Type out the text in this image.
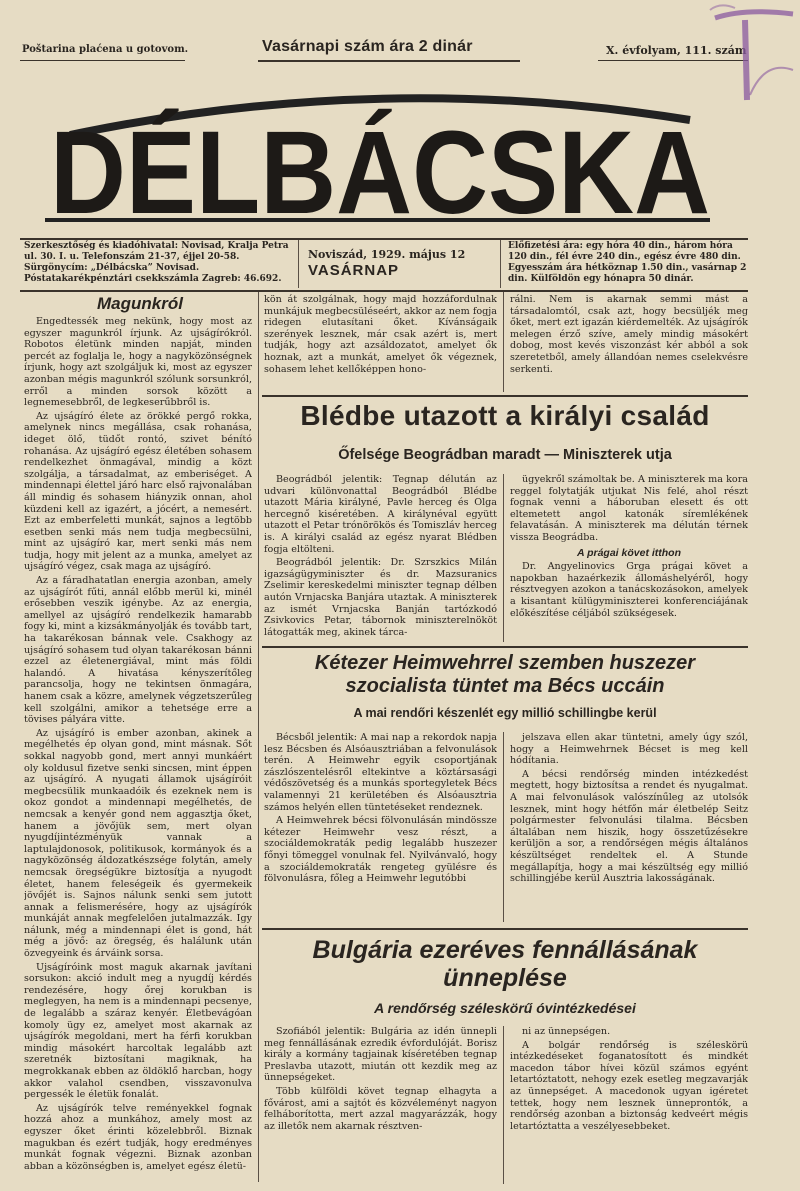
Poštarina plaćena u gotovom.	Vasárnapi szám ára 2 dinár	X. évfolyam, 111. szám
DÉLBÁCSKA
Szerkesztőség és kiadóhivatal: Novisad, Kralja Petra ul. 30. I. u. Telefonszám 21-37, éjjel 20-58. Sürgönycím: „Délbácska” Novisad. Póstatakarékpénztári csekkszámla Zagreb: 46.692.
Noviszád, 1929. május 12
VASÁRNAP
Előfizetési ára: egy hóra 40 din., három hóra 120 din., fél évre 240 din., egész évre 480 din. Egyesszám ára hétköznap 1.50 din., vasárnap 2 din. Külföldön egy hónapra 50 dinár.
Magunkról

Engedtessék meg nekünk, hogy most az egyszer magunkról írjunk. Az ujságírókról. Robotos életünk minden napját, minden percét az foglalja le, hogy a nagyközönségnek írjunk, hogy azt szolgáljuk ki, most az egyszer azonban mégis magunkról szólunk sorsunkról, erről a minden sorsok között a legnemesebbről, de legkeserűbbről is.

Az ujságíró élete az örökké pergő rokka, amelynek nincs megállása, csak rohanása, ideget ölő, tüdőt rontó, szivet bénító rohanása. Az ujságíró egész életében sohasem rendelkezhet önmagával, mindig a közt szolgálja, a társadalmat, az emberiséget. A mindennapi élettel járó harc első rajvonalában áll mindig és sohasem hiányzik onnan, ahol küzdeni kell az igazért, a jócért, a nemesért. Ezt az emberfeletti munkát, sajnos a legtöbb esetben senki más nem tudja megbecsülni, mint az ujságíró kar, mert senki más nem tudja, hogy mit jelent az a munka, amelyet az ujságíró végez, csak maga az ujságíró.

Az a fáradhatatlan energia azonban, amely az ujságírót fűti, annál előbb merül ki, minél erősebben veszik igénybe. Az az energia, amellyel az ujságíró rendelkezik hamarabb fogy ki, mint a kizsákmányolják és tovább tart, ha takarékosan bánnak vele. Csakhogy az ujságíró sohasem tud olyan takarékosan bánni ezzel az életenergiával, mint más földi halandó. A hivatása kényszerítőleg parancsolja, hogy ne tekintsen önmagára, hanem csak a közre, amelynek végzetszerűleg kell szolgálni, amikor a tehetsége erre a tövises pályára vitte.

Az ujságíró is ember azonban, akinek a megélhetés ép olyan gond, mint másnak. Sőt sokkal nagyobb gond, mert annyi munkáért oly koldusul fizetve senki sincsen, mint éppen az ujságíró. A nyugati államok ujságíróit megbecsülik munkaadóik és ezeknek nem is okoz gondot a mindennapi megélhetés, de nemcsak a kenyér gond nem aggasztja őket, hanem a jövőjük sem, mert olyan nyugdíjintézményük vannak a laptulajdonosok, politikusok, kormányok és a nagyközönség áldozatkészsége folytán, amely nemcsak öregségükre biztosítja a nyugodt életet, hanem feleségeik és gyermekeik jövőjét is. Sajnos nálunk senki sem jutott annak a felismerésére, hogy az ujságírók munkáját annak megfelelően jutalmazzák. Igy nálunk, még a mindennapi élet is gond, hát még a jövő: az öregség, és halálunk után özvegyeink és árváink sorsa.

Ujságíróink most maguk akarnak javítani sorsukon: akció indult meg a nyugdíj kérdés rendezésére, hogy őrej korukban is meglegyen, ha nem is a mindennapi pecsenye, de legalább a száraz kenyér. Életbevágóan komoly ügy ez, amelyet most akarnak az ujságírók megoldani, mert ha férfi korukban mindig másokért harcoltak legalább azt szeretnék biztosítani magiknak, ha megrokkanak ebben az öldöklő harcban, hogy akkor valahol csendben, visszavonulva pergessék le életük fonalát.

Az ujságírók telve reményekkel fognak hozzá ahoz a munkához, amely most az egyszer őket érinti közelebbről. Biznak magukban és ezért tudják, hogy eredményes munkát fognak végezni. Biznak azonban abban a közönségben is, amelyet egész életü-

kön át szolgálnak, hogy majd hozzáfordulnak munkájuk megbecsüléseért, akkor az nem fogja ridegen elutasítani őket. Kívánságaik szerények lesznek, már csak azért is, mert tudják, hogy azt azsáldozatot, amelyet ők hoznak, azt a munkát, amelyet ők végeznek, sohasem lehet kellőképpen hono-
rálni. Nem is akarnak semmi mást a társadalomtól, csak azt, hogy becsüljék meg őket, mert ezt igazán kiérdemelték. Az ujságírók melegen érző szíve, amely mindig másokért dobog, most kevés viszonzást kér abból a sok szeretetből, amely állandóan nemes cselekvésre serkenti.
Blédbe utazott a királyi család
Őfelsége Beográdban maradt — Miniszterek utja

Beográdból jelentik: Tegnap délután az udvari különvonattal Beográdból Blédbe utazott Mária királyné, Pavle herceg és Olga hercegnő kiséretében. A királynéval együtt utazott el Petar trónörökös és Tomiszláv herceg is. A királyi család az egész nyarat Blédben fogja eltölteni.

Beográdból jelentik: Dr. Szrszkics Milán igazságügyminiszter és dr. Mazsuranics Zselimir kereskedelmi miniszter tegnap délben autón Vrnjacska Banjára utaztak. A miniszterek az ismét Vrnjacska Banján tartózkodó Zsivkovics Petar, tábornok miniszterelnököt látogatták meg, akinek tárca-

ügyekről számoltak be. A miniszterek ma kora reggel folytatják utjukat Nis felé, ahol részt fognak venni a háboruban elesett és ott eltemetett angol katonák síremlékének felavatásán. A miniszterek ma délután térnek vissza Beográdba.

A prágai követ itthon

Dr. Angyelinovics Grga prágai követ a napokban hazaérkezik állomáshelyéről, hogy résztvegyen azokon a tanácskozásokon, amelyek a kisantant külügyminiszterei konferenciájának előkészítése céljából szükségesek.

Kétezer Heimwehrrel szemben huszezer szocialista tüntet ma Bécs uccáin
A mai rendőri készenlét egy millió schillingbe kerül

Bécsből jelentik: A mai nap a rekordok napja lesz Bécsben és Alsóausztriában a felvonulások terén. A Heimwehr egyik csoportjának zászlószentelésről eltekintve a köztársasági védőszövetség és a munkás sportegyletek Bécs valamennyi 21 kerületében és Alsóausztria számos helyén ellen tüntetéseket rendeznek.

A Heimwehrek bécsi fölvonulásán mindössze kétezer Heimwehr vesz részt, a szociáldemokraták pedig legalább huszezer főnyi tömeggel vonulnak fel. Nyilvánvaló, hogy a szociáldemokraták rengeteg gyülésre és fölvonulásra, főleg a Heimwehr legutóbbi

jelszava ellen akar tüntetni, amely úgy szól, hogy a Heimwehrnek Bécset is meg kell hódítania.

A bécsi rendőrség minden intézkedést megtett, hogy biztosítsa a rendet és nyugalmat. A mai felvonulások valószínűleg az utolsók lesznek, mint hogy hétfőn már életbelép Seitz polgármester felvonulási tilalma. Bécsben általában nem hiszik, hogy összetűzésekre kerüljön a sor, a rendőrségen mégis általános készültséget rendeltek el. A Stunde megállapítja, hogy a mai készültség egy millió schillingjébe kerül Ausztria lakosságának.

Bulgária ezeréves fennállásának ünneplése
A rendőrség széleskörű óvintézkedései

Szofiából jelentik: Bulgária az idén ünnepli meg fennállásának ezredik évfordulóját. Borisz király a kormány tagjainak kíséretében tegnap Preslavba utazott, miután ott kezdik meg az ünnepségeket.

Több külföldi követ tegnap elhagyta a fővárost, ami a sajtót és közvéleményt nagyon felháborította, mert azzal magyarázzák, hogy az illetők nem akarnak résztven-

ni az ünnepségen.

A bolgár rendőrség is széleskörü intézkedéseket foganatosított és mindkét macedon tábor hívei közül számos egyént letartóztatott, nehogy ezek esetleg megzavarják az ünnepséget. A macedonok ugyan igéretet tettek, hogy nem lesznek ünneprontók, a rendőrség azonban a biztonság kedveért mégis letartóztatta a veszélyesebbeket.
